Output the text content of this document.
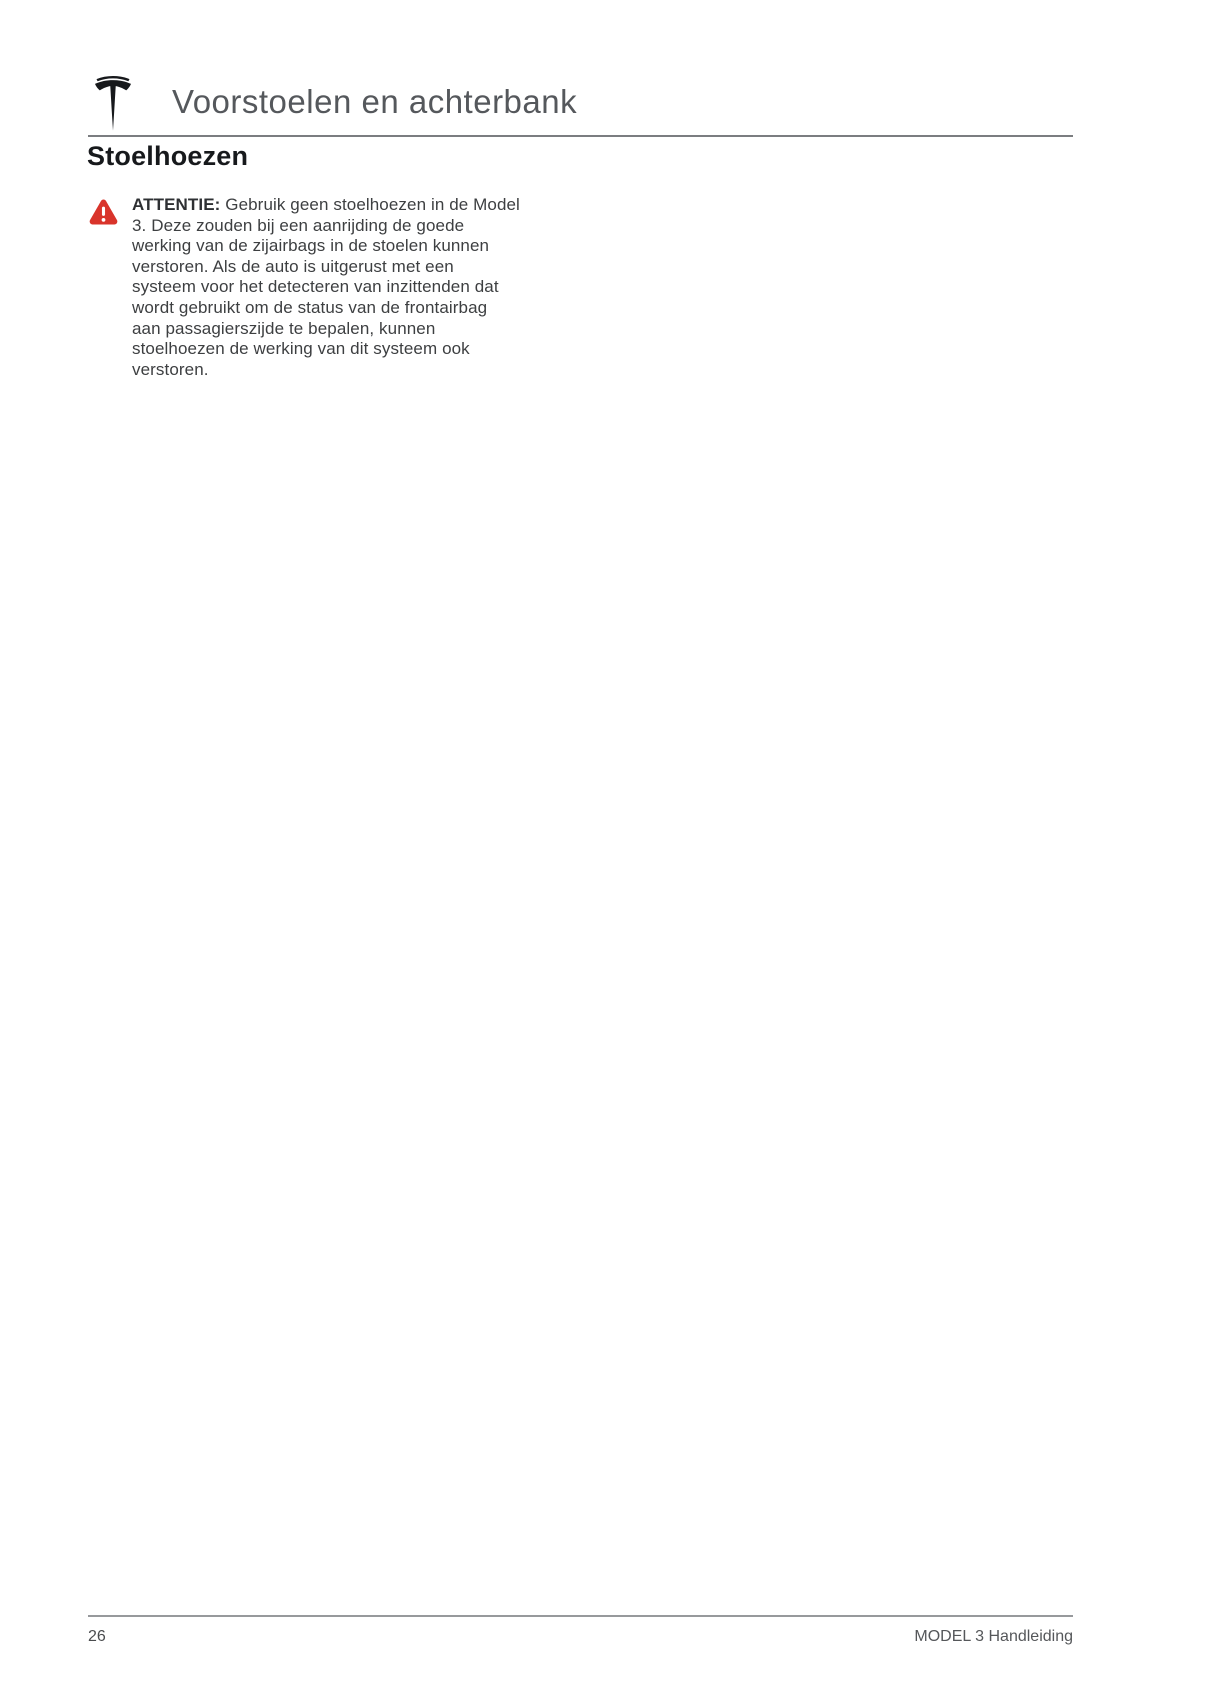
Voorstoelen en achterbank
Stoelhoezen
ATTENTIE: Gebruik geen stoelhoezen in de Model
3. Deze zouden bij een aanrijding de goede
werking van de zijairbags in de stoelen kunnen
verstoren. Als de auto is uitgerust met een
systeem voor het detecteren van inzittenden dat
wordt gebruikt om de status van de frontairbag
aan passagierszijde te bepalen, kunnen
stoelhoezen de werking van dit systeem ook
verstoren.
26	MODEL 3 Handleiding
